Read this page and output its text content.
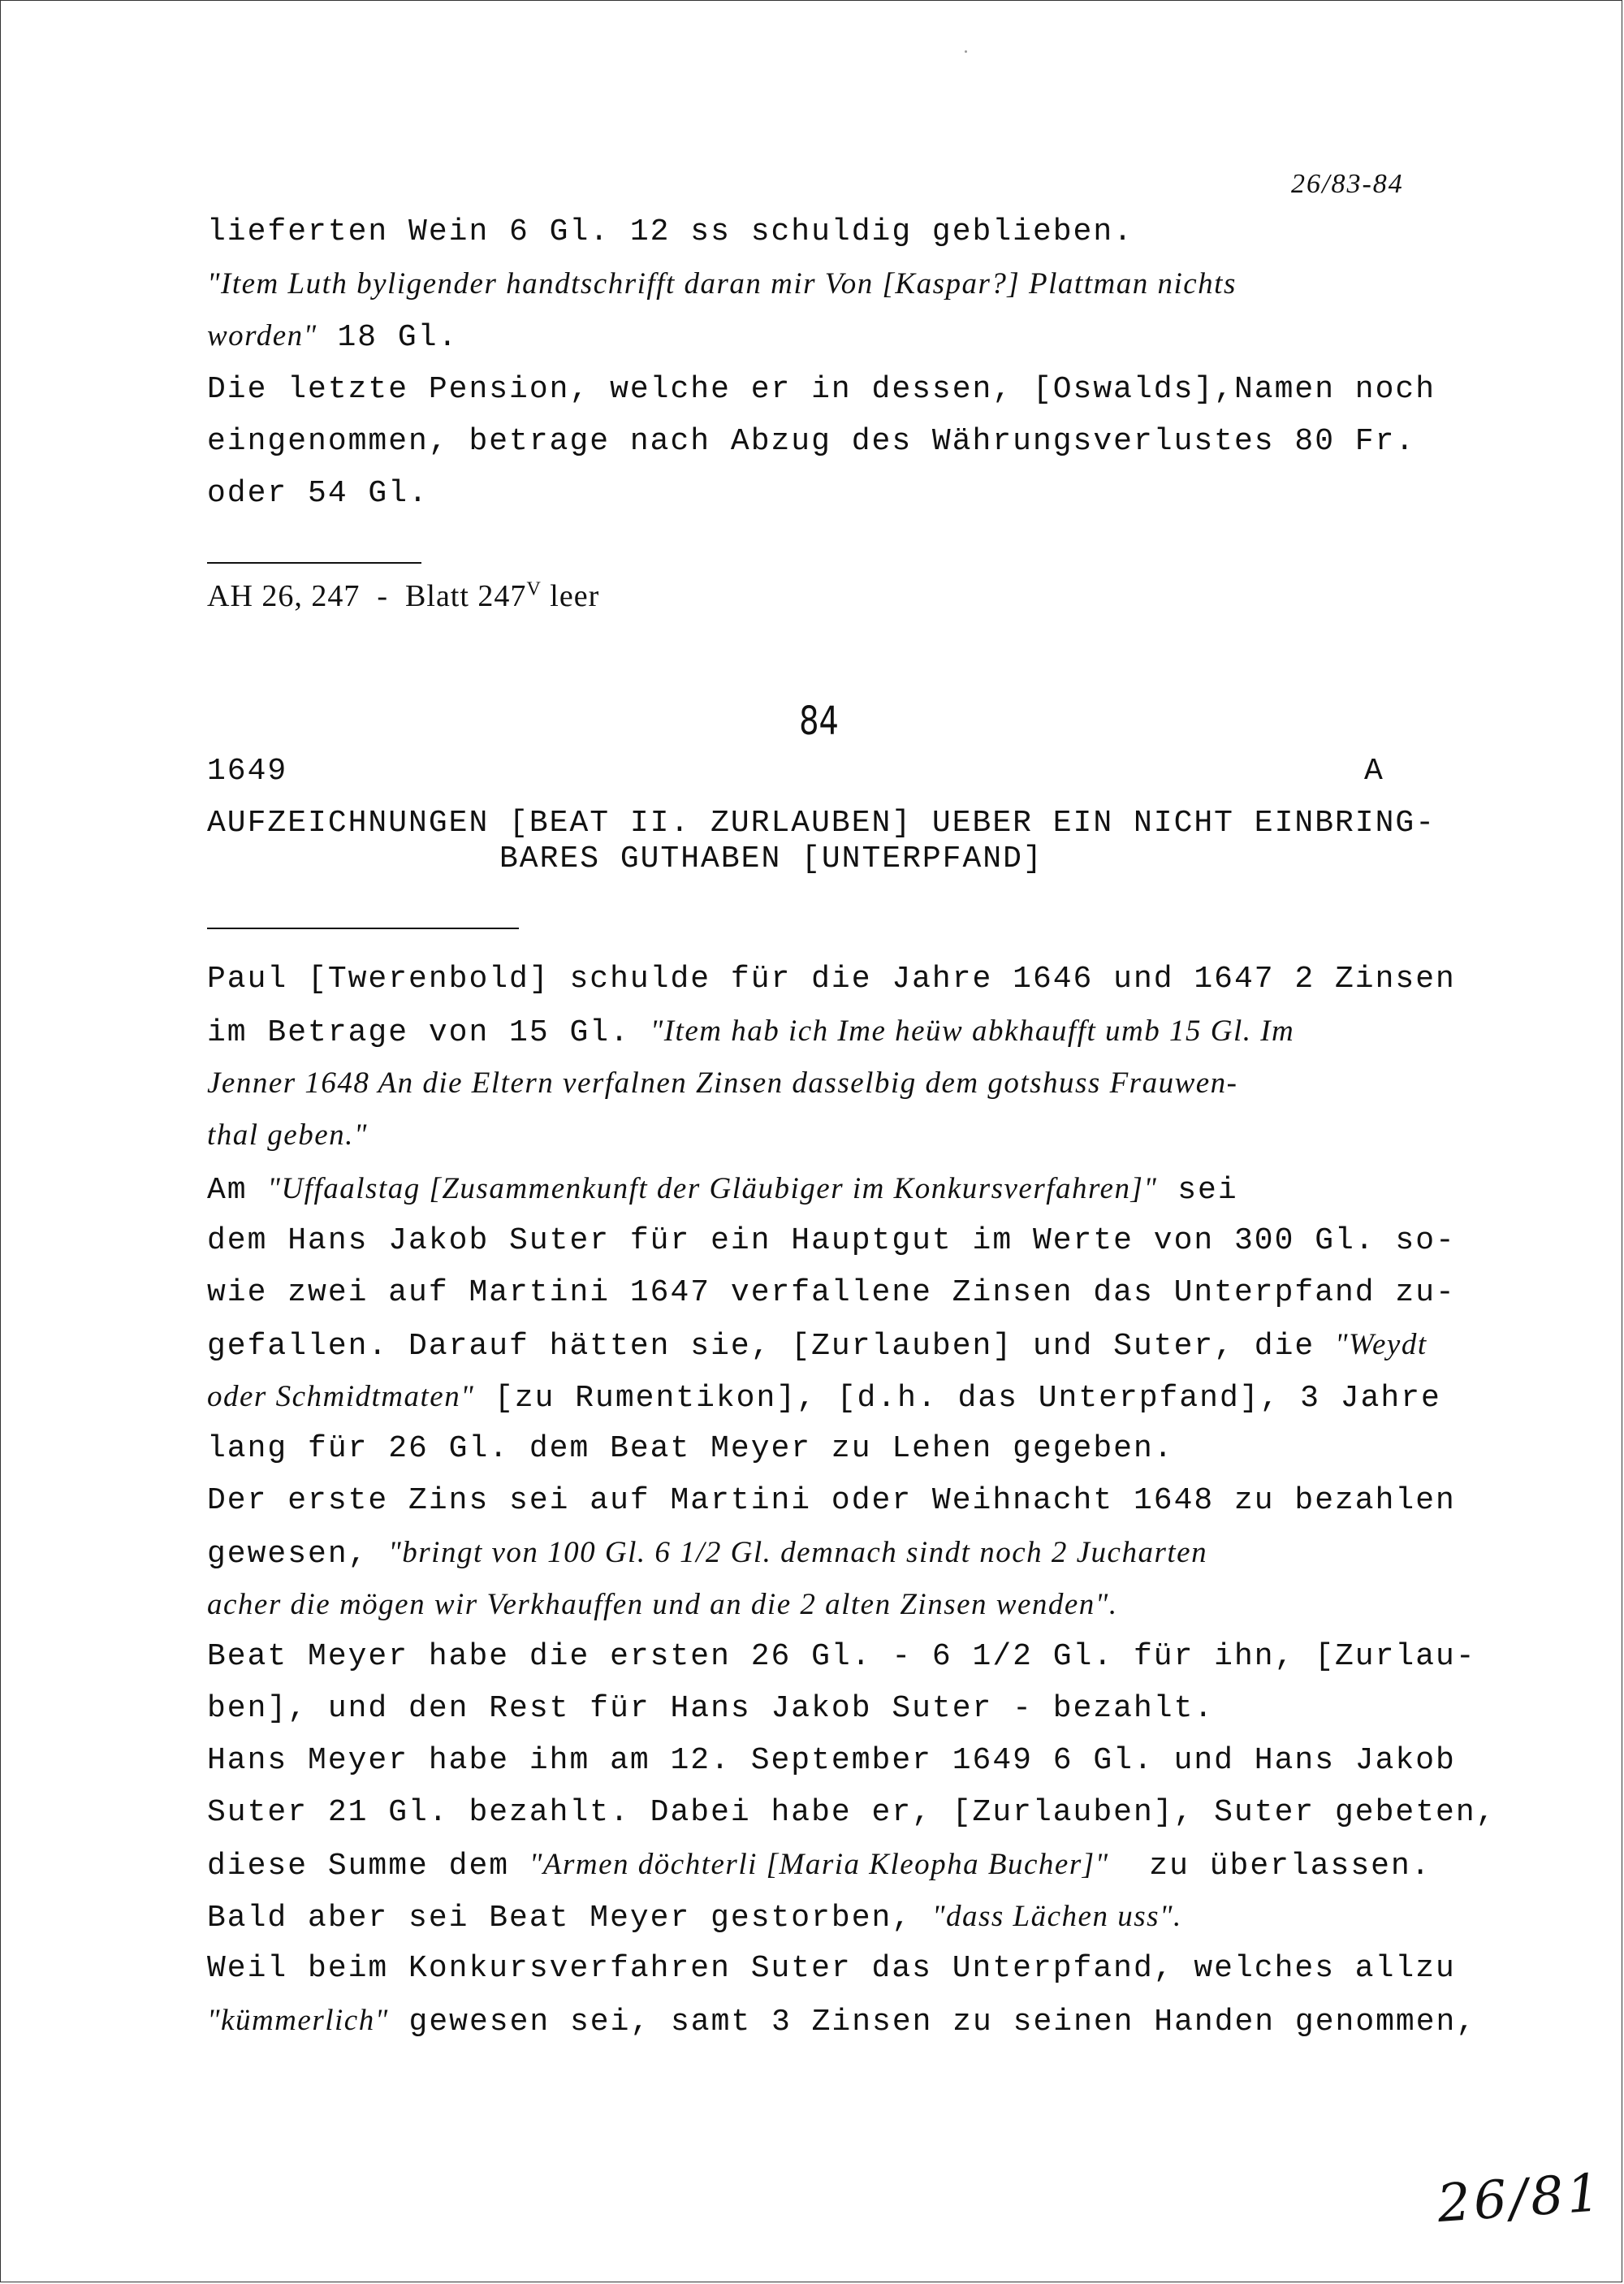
26/83-84
lieferten Wein 6 Gl. 12 ss schuldig geblieben.
"Item Luth byligender handtschrifft daran mir Von [Kaspar?] Plattman nichts
worden" 18 Gl.
Die letzte Pension, welche er in dessen, [Oswalds],Namen noch
eingenommen, betrage nach Abzug des Währungsverlustes 80 Fr.
oder 54 Gl.
AH 26, 247  -  Blatt $247^V$ leer
84
1649	A
AUFZEICHNUNGEN [BEAT II. ZURLAUBEN] UEBER EIN NICHT EINBRING-
BARES GUTHABEN [UNTERPFAND]
Paul [Twerenbold] schulde für die Jahre 1646 und 1647 2 Zinsen
im Betrage von 15 Gl. "Item hab ich Ime heüw abkhaufft umb 15 Gl. Im
Jenner 1648 An die Eltern verfalnen Zinsen dasselbig dem gotshuss Frauwen-
thal geben."
Am "Uffaalstag [Zusammenkunft der Gläubiger im Konkursverfahren]" sei
dem Hans Jakob Suter für ein Hauptgut im Werte von 300 Gl. so-
wie zwei auf Martini 1647 verfallene Zinsen das Unterpfand zu-
gefallen. Darauf hätten sie, [Zurlauben] und Suter, die "Weydt
oder Schmidtmaten" [zu Rumentikon], [d.h. das Unterpfand], 3 Jahre
lang für 26 Gl. dem Beat Meyer zu Lehen gegeben.
Der erste Zins sei auf Martini oder Weihnacht 1648 zu bezahlen
gewesen, "bringt von 100 Gl. 6 1/2 Gl. demnach sindt noch 2 Jucharten
acher die mögen wir Verkhauffen und an die 2 alten Zinsen wenden".
Beat Meyer habe die ersten 26 Gl. - 6 1/2 Gl. für ihn, [Zurlau-
ben], und den Rest für Hans Jakob Suter - bezahlt.
Hans Meyer habe ihm am 12. September 1649 6 Gl. und Hans Jakob
Suter 21 Gl. bezahlt. Dabei habe er, [Zurlauben], Suter gebeten,
diese Summe dem "Armen döchterli [Maria Kleopha Bucher]"  zu überlassen.
Bald aber sei Beat Meyer gestorben, "dass Lächen uss".
Weil beim Konkursverfahren Suter das Unterpfand, welches allzu
"kümmerlich" gewesen sei, samt 3 Zinsen zu seinen Handen genommen,
26/81
